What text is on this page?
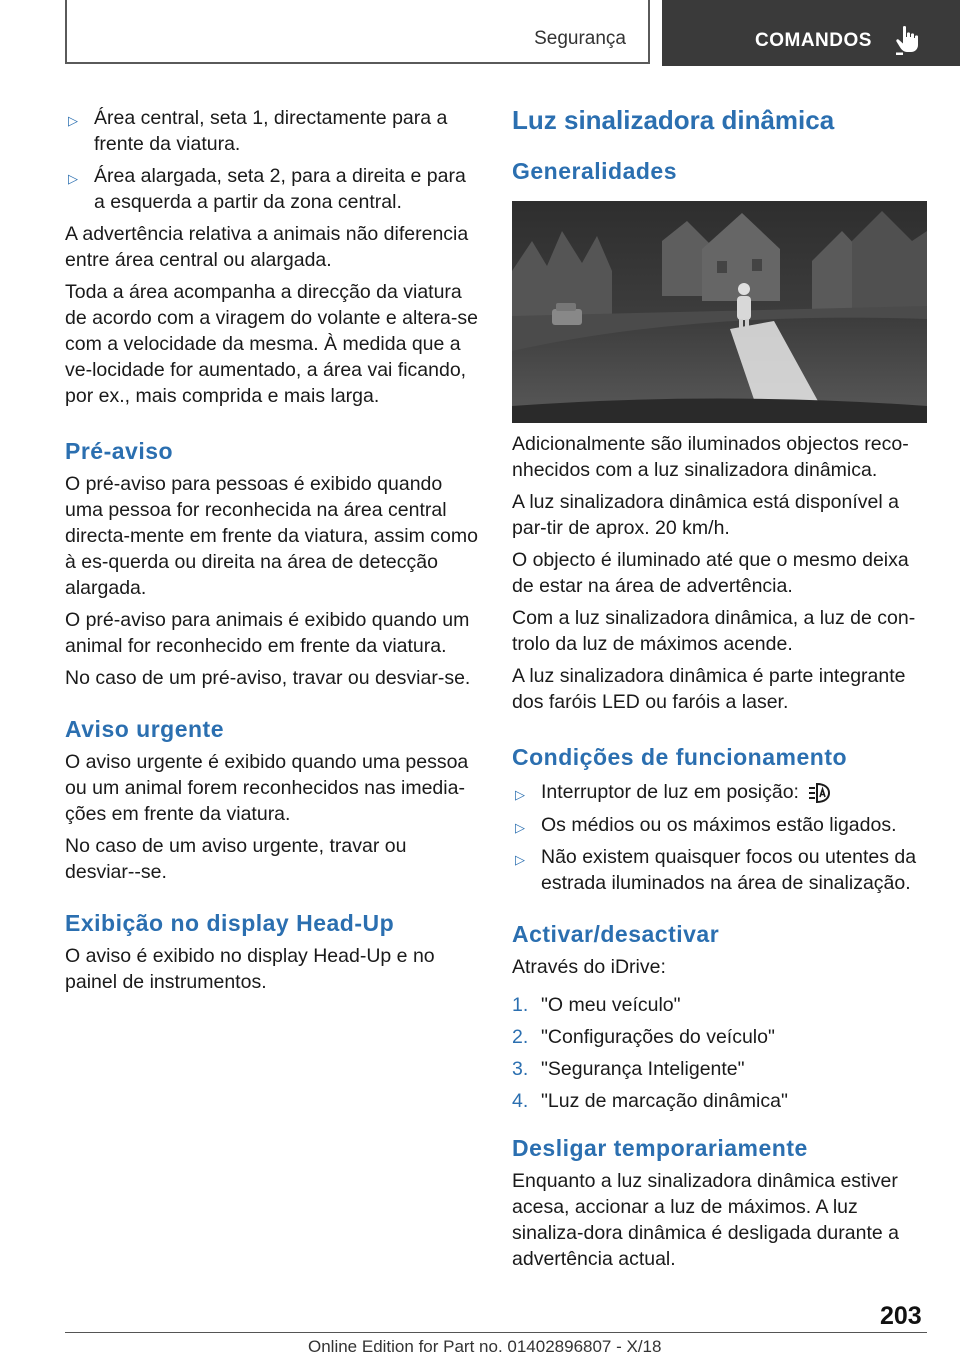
Segurança	COMANDOS
▷ Área central, seta 1, directamente para a frente da viatura.
▷ Área alargada, seta 2, para a direita e para a esquerda a partir da zona central.

A advertência relativa a animais não diferencia entre área central ou alargada.

Toda a área acompanha a direcção da viatura de acordo com a viragem do volante e altera-se com a velocidade da mesma. À medida que a ve-locidade for aumentado, a área vai ficando, por ex., mais comprida e mais larga.

Pré-aviso

O pré-aviso para pessoas é exibido quando uma pessoa for reconhecida na área central directa-mente em frente da viatura, assim como à es-querda ou direita na área de detecção alargada.

O pré-aviso para animais é exibido quando um animal for reconhecido em frente da viatura.

No caso de um pré-aviso, travar ou desviar-se.

Aviso urgente

O aviso urgente é exibido quando uma pessoa ou um animal forem reconhecidos nas imedia-ções em frente da viatura.

No caso de um aviso urgente, travar ou desviar--se.

Exibição no display Head-Up

O aviso é exibido no display Head-Up e no painel de instrumentos.

Luz sinalizadora dinâmica
Generalidades

Adicionalmente são iluminados objectos reco-nhecidos com a luz sinalizadora dinâmica.

A luz sinalizadora dinâmica está disponível a par-tir de aprox. 20 km/h.

O objecto é iluminado até que o mesmo deixa de estar na área de advertência.

Com a luz sinalizadora dinâmica, a luz de con-trolo da luz de máximos acende.

A luz sinalizadora dinâmica é parte integrante dos faróis LED ou faróis a laser.

Condições de funcionamento
▷ Interruptor de luz em posição:
▷ Os médios ou os máximos estão ligados.
▷ Não existem quaisquer focos ou utentes da estrada iluminados na área de sinalização.
Activar/desactivar

Através do iDrive:

1. "O meu veículo"
2. "Configurações do veículo"
3. "Segurança Inteligente"
4. "Luz de marcação dinâmica"
Desligar temporariamente

Enquanto a luz sinalizadora dinâmica estiver acesa, accionar a luz de máximos. A luz sinaliza-dora dinâmica é desligada durante a advertência actual.

203
Online Edition for Part no. 01402896807 - X/18
